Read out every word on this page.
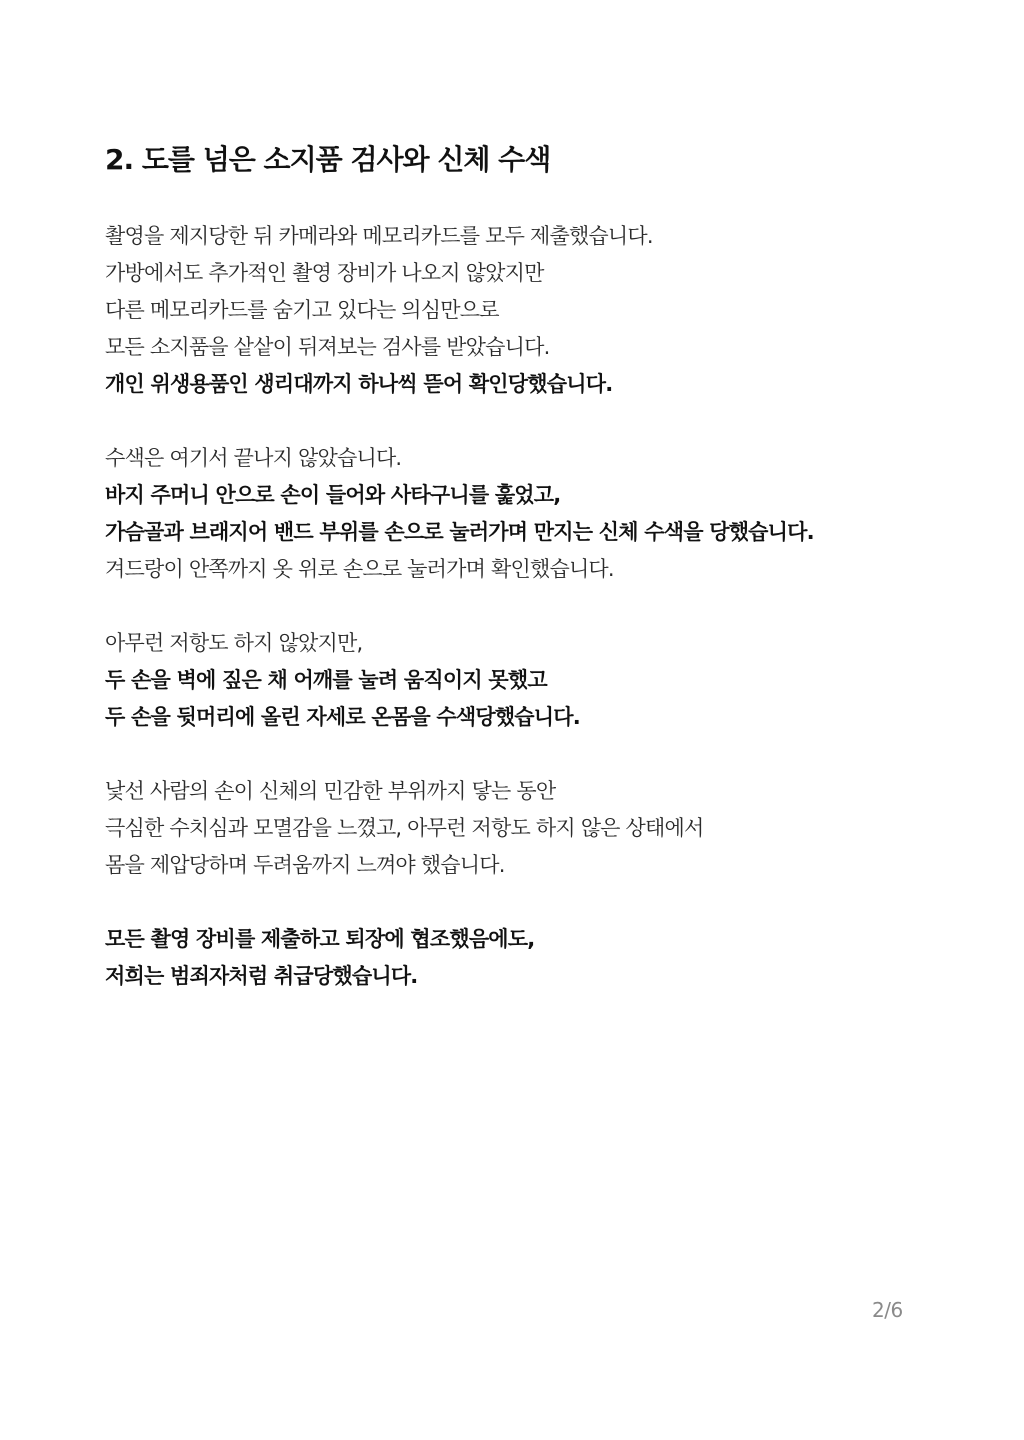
2. 도를 넘은 소지품 검사와 신체 수색
촬영을 제지당한 뒤 카메라와 메모리카드를 모두 제출했습니다.
가방에서도 추가적인 촬영 장비가 나오지 않았지만
다른 메모리카드를 숨기고 있다는 의심만으로
모든 소지품을 샅샅이 뒤져보는 검사를 받았습니다.
개인 위생용품인 생리대까지 하나씩 뜯어 확인당했습니다.
수색은 여기서 끝나지 않았습니다.
바지 주머니 안으로 손이 들어와 사타구니를 훑었고,
가슴골과 브래지어 밴드 부위를 손으로 눌러가며 만지는 신체 수색을 당했습니다.
겨드랑이 안쪽까지 옷 위로 손으로 눌러가며 확인했습니다.
아무런 저항도 하지 않았지만,
두 손을 벽에 짚은 채 어깨를 눌려 움직이지 못했고
두 손을 뒷머리에 올린 자세로 온몸을 수색당했습니다.
낯선 사람의 손이 신체의 민감한 부위까지 닿는 동안
극심한 수치심과 모멸감을 느꼈고, 아무런 저항도 하지 않은 상태에서
몸을 제압당하며 두려움까지 느껴야 했습니다.
모든 촬영 장비를 제출하고 퇴장에 협조했음에도,
저희는 범죄자처럼 취급당했습니다.
2/6
